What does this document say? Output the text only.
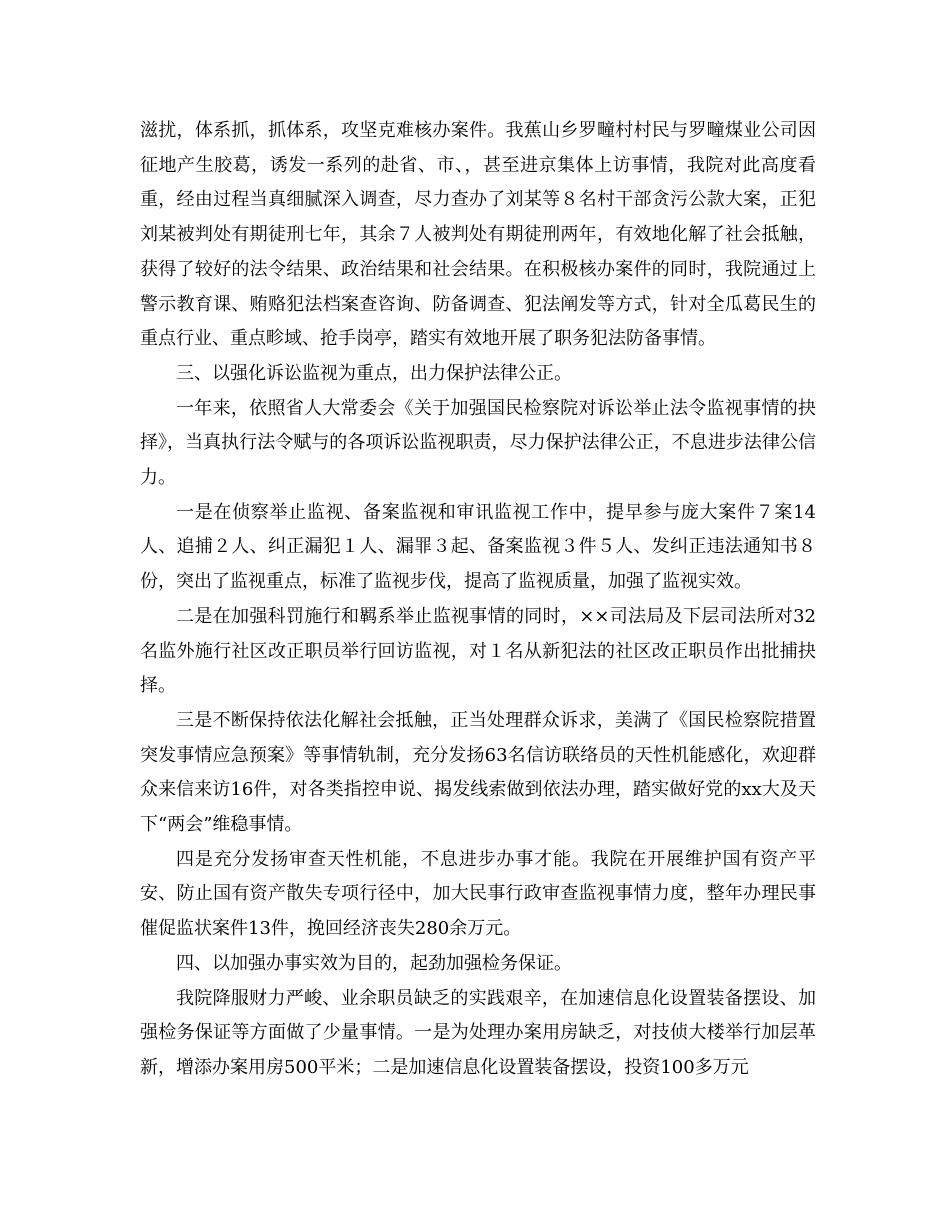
滋扰，体系抓，抓体系，攻坚克难核办案件。我蕉山乡罗疃村村民与罗疃煤业公司因征地产生胶葛，诱发一系列的赴省、市、，甚至进京集体上访事情，我院对此高度看重，经由过程当真细腻深入调查，尽力查办了刘某等８名村干部贪污公款大案，正犯刘某被判处有期徒刑七年，其余７人被判处有期徒刑两年，有效地化解了社会抵触，获得了较好的法令结果、政治结果和社会结果。在积极核办案件的同时，我院通过上警示教育课、贿赂犯法档案查咨询、防备调查、犯法阐发等方式，针对全瓜葛民生的重点行业、重点畛域、抢手岗亭，踏实有效地开展了职务犯法防备事情。

三、以强化诉讼监视为重点，出力保护法律公正。

一年来，依照省人大常委会《关于加强国民检察院对诉讼举止法令监视事情的抉择》，当真执行法令赋与的各项诉讼监视职责，尽力保护法律公正，不息进步法律公信力。

一是在侦察举止监视、备案监视和审讯监视工作中，提早参与庞大案件７案14人、追捕２人、纠正漏犯１人、漏罪３起、备案监视３件５人、发纠正违法通知书８份，突出了监视重点，标准了监视步伐，提高了监视质量，加强了监视实效。

二是在加强科罚施行和羁系举止监视事情的同时，××司法局及下层司法所对32名监外施行社区改正职员举行回访监视，对１名从新犯法的社区改正职员作出批捕抉择。

三是不断保持依法化解社会抵触，正当处理群众诉求，美满了《国民检察院措置突发事情应急预案》等事情轨制，充分发扬63名信访联络员的天性机能感化，欢迎群众来信来访16件，对各类指控申说、揭发线索做到依法办理，踏实做好党的xx大及天下“两会”维稳事情。

四是充分发扬审查天性机能，不息进步办事才能。我院在开展维护国有资产平安、防止国有资产散失专项行径中，加大民事行政审查监视事情力度，整年办理民事催促监状案件13件，挽回经济丧失280余万元。

四、以加强办事实效为目的，起劲加强检务保证。

我院降服财力严峻、业余职员缺乏的实践艰辛，在加速信息化设置装备摆设、加强检务保证等方面做了少量事情。一是为处理办案用房缺乏，对技侦大楼举行加层革新，增添办案用房500平米；二是加速信息化设置装备摆设，投资100多万元
